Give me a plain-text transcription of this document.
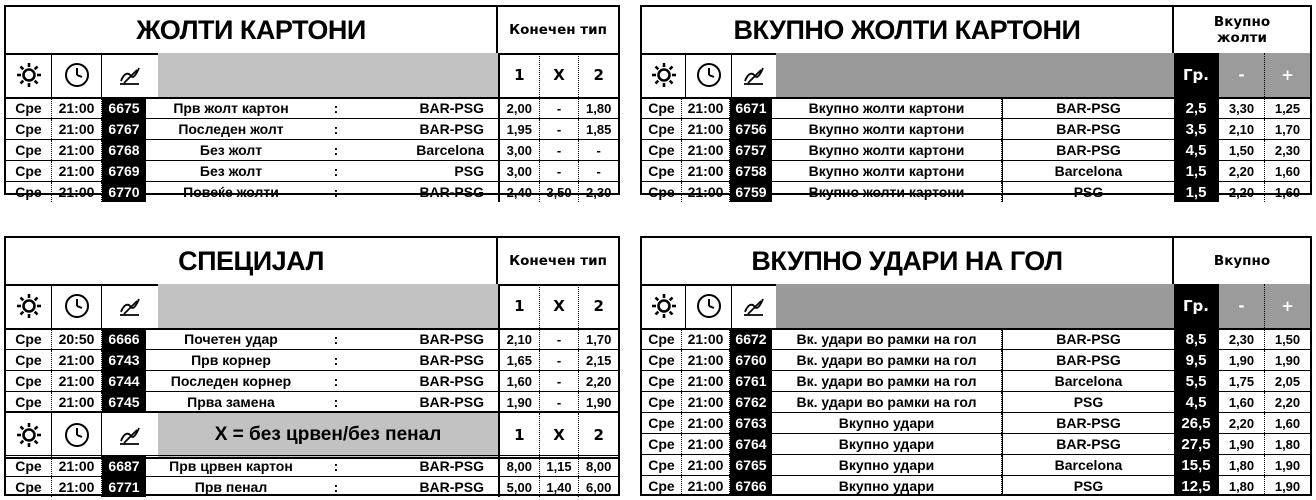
ЖОЛТИ КАРТОНИ	Конечен тип
1	X	2
Сре	21:00	6675	Прв жолт картон	:	BAR-PSG	2,00	-	1,80
Сре	21:00	6767	Последен жолт	:	BAR-PSG	1,95	-	1,85
Сре	21:00	6768	Без жолт	:	Barcelona	3,00	-	-
Сре	21:00	6769	Без жолт	:	PSG	3,00	-	-
Сре	21:00	6770	Повеќе жолти	:	BAR-PSG	2,40	3,50	2,30
ВКУПНО ЖОЛТИ КАРТОНИ	Вкупно жолти
Гр.	-	+
Сре 21:00 6671	Вкупно жолти картони	BAR-PSG	2,5	3,30	1,25
Сре 21:00 6756	Вкупно жолти картони	BAR-PSG	3,5	2,10	1,70
Сре 21:00 6757	Вкупно жолти картони	BAR-PSG	4,5	1,50	2,30
Сре 21:00 6758	Вкупно жолти картони	Barcelona	1,5	2,20	1,60
Сре 21:00 6759	Вкупно жолти картони	PSG	1,5	2,20	1,60
СПЕЦИЈАЛ	Конечен тип
1	X	2
Сре	20:50	6666	Почетен удар	:	BAR-PSG	2,10	-	1,70
Сре	21:00	6743	Прв корнер	:	BAR-PSG	1,65	-	2,15
Сре	21:00	6744	Последен корнер	:	BAR-PSG	1,60	-	2,20
Сре	21:00	6745	Прва замена	:	BAR-PSG	1,90	-	1,90
X = без црвен/без пенал	1	X	2
Сре	21:00	6687	Прв црвен картон	:	BAR-PSG	8,00	1,15	8,00
Сре	21:00	6771	Прв пенал	:	BAR-PSG	5,00	1,40	6,00
ВКУПНО УДАРИ НА ГОЛ	Вкупно
Гр.	-	+
Сре 21:00 6672	Вк. удари во рамки на гол	BAR-PSG	8,5	2,30	1,50
Сре 21:00 6760	Вк. удари во рамки на гол	BAR-PSG	9,5	1,90	1,90
Сре 21:00 6761	Вк. удари во рамки на гол	Barcelona	5,5	1,75	2,05
Сре 21:00 6762	Вк. удари во рамки на гол	PSG	4,5	1,60	2,20
Сре 21:00 6763	Вкупно удари	BAR-PSG	26,5	2,20	1,60
Сре 21:00 6764	Вкупно удари	BAR-PSG	27,5	1,90	1,80
Сре 21:00 6765	Вкупно удари	Barcelona	15,5	1,80	1,90
Сре 21:00 6766	Вкупно удари	PSG	12,5	1,80	1,90
